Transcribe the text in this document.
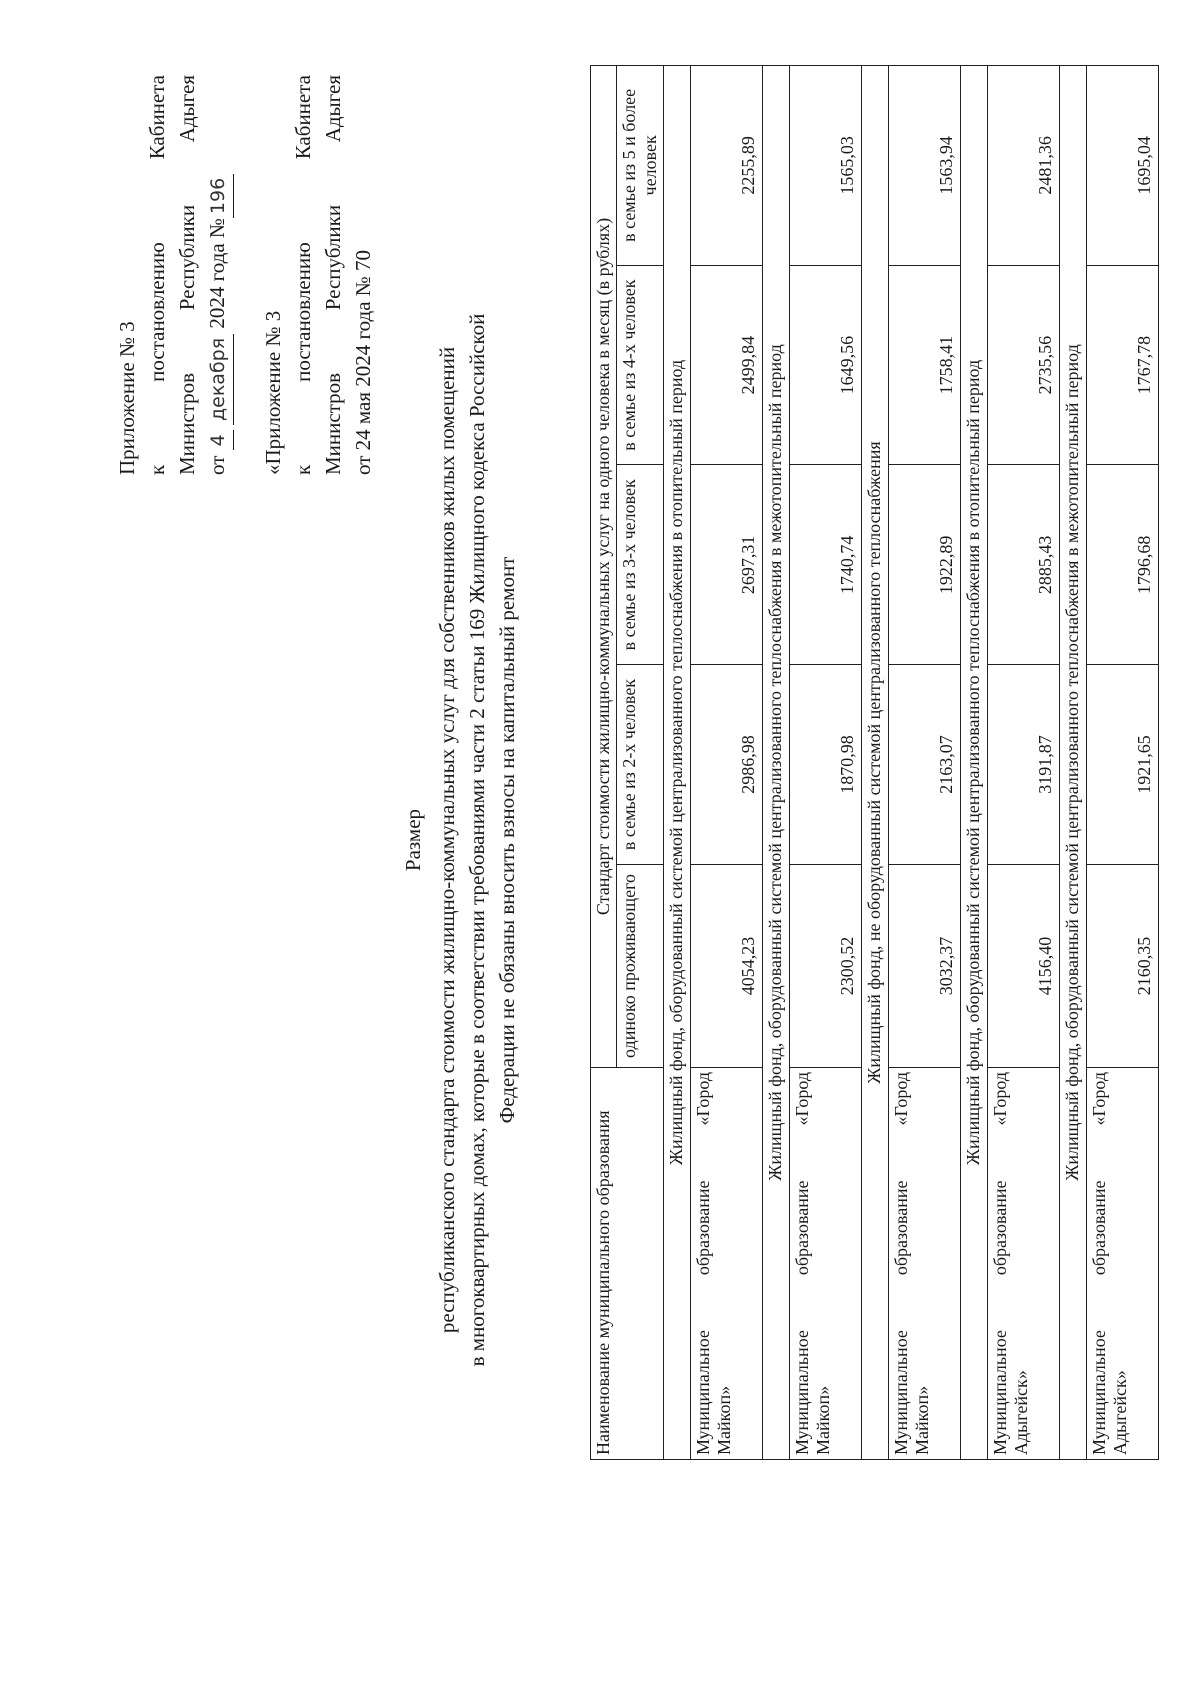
Приложение № 3 к
постановлению
Кабинета
Министров
Республики
Адыгея
от 4 декабря 2024 года №196
«Приложение № 3 к
постановлению
Кабинета
Министров
Республики
Адыгея
от 24 мая 2024 года № 70
Размер республиканского стандарта стоимости жилищно-коммунальных услуг для собственников жилых помещений в многоквартирных домах, которые в соответствии требованиями части 2 статьи 169 Жилищного кодекса Российской Федерации не обязаны вносить взносы на капитальный ремонт
Наименование муниципального образования	Стандарт стоимости жилищно-коммунальных услуг на одного человека в месяц (в рублях)				
	одиноко проживающего	в семье из 2-х человек	в семье из 3-х человек	в семье из 4-х человек	в семье из 5 и более человек
Жилищный фонд, оборудованный системой централизованного теплоснабжения в отопительный период					

Муниципальное
образование
«Город
Майкоп»	4054,23	2986,98	2697,31	2499,84	2255,89
Жилищный фонд, оборудованный системой централизованного теплоснабжения в межотопительный период					

Муниципальное
образование
«Город
Майкоп»	2300,52	1870,98	1740,74	1649,56	1565,03
Жилищный фонд, не оборудованный системой централизованного теплоснабжения					

Муниципальное
образование
«Город
Майкоп»	3032,37	2163,07	1922,89	1758,41	1563,94
Жилищный фонд, оборудованный системой централизованного теплоснабжения в отопительный период					

Муниципальное
образование
«Город
Адыгейск»	4156,40	3191,87	2885,43	2735,56	2481,36
Жилищный фонд, оборудованный системой централизованного теплоснабжения в межотопительный период					

Муниципальное
образование
«Город
Адыгейск»	2160,35	1921,65	1796,68	1767,78	1695,04
